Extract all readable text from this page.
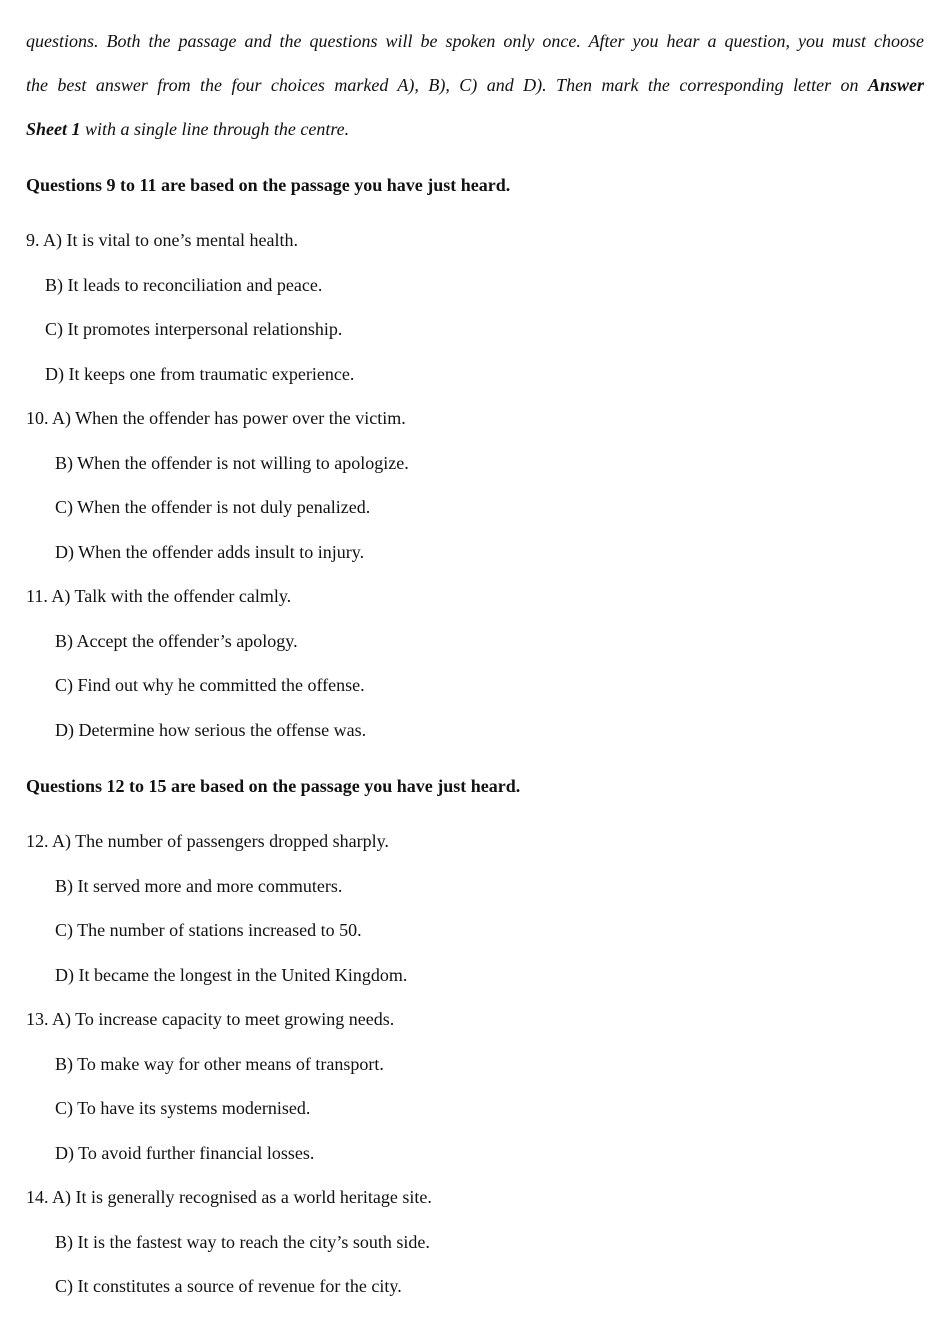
questions. Both the passage and the questions will be spoken only once. After you hear a question, you must choose
the best answer from the four choices marked A), B), C) and D). Then mark the corresponding letter on Answer
Sheet 1 with a single line through the centre.
Questions 9 to 11 are based on the passage you have just heard.
9. A) It is vital to one’s mental health.
B) It leads to reconciliation and peace.
C) It promotes interpersonal relationship.
D) It keeps one from traumatic experience.
10. A) When the offender has power over the victim.
B) When the offender is not willing to apologize.
C) When the offender is not duly penalized.
D) When the offender adds insult to injury.
11. A) Talk with the offender calmly.
B) Accept the offender’s apology.
C) Find out why he committed the offense.
D) Determine how serious the offense was.
Questions 12 to 15 are based on the passage you have just heard.
12. A) The number of passengers dropped sharply.
B) It served more and more commuters.
C) The number of stations increased to 50.
D) It became the longest in the United Kingdom.
13. A) To increase capacity to meet growing needs.
B) To make way for other means of transport.
C) To have its systems modernised.
D) To avoid further financial losses.
14. A) It is generally recognised as a world heritage site.
B) It is the fastest way to reach the city’s south side.
C) It constitutes a source of revenue for the city.
